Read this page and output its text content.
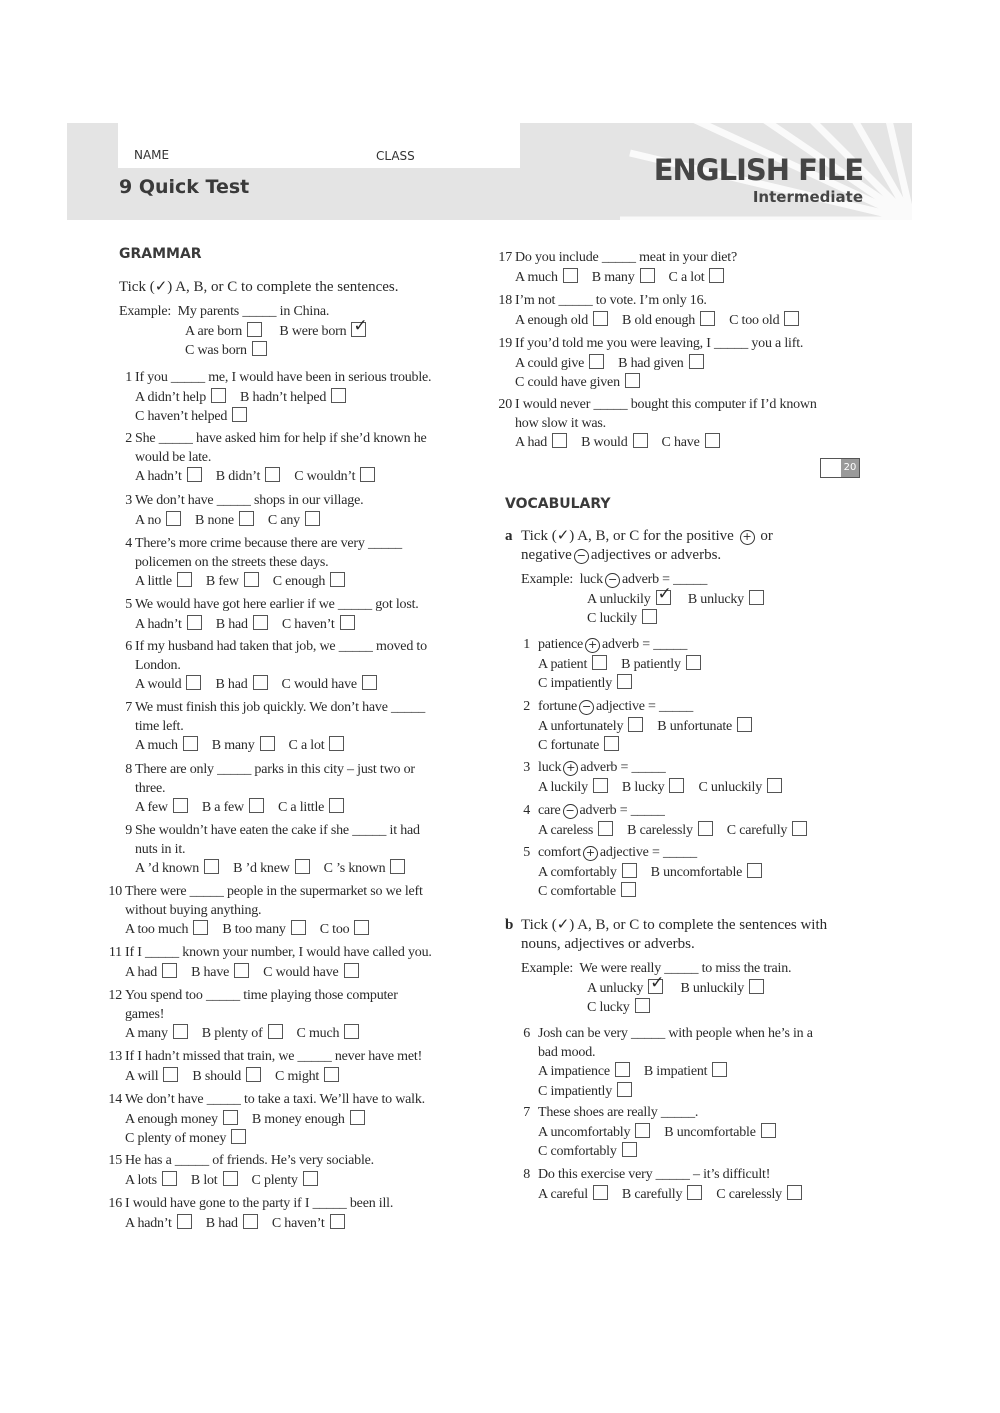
NAME	CLASS
9 Quick Test	ENGLISH FILE
Intermediate
GRAMMAR
Tick (✓) A, B, or C to complete the sentences.
Example: My parents _____ in China.
A are born	B were born ✓
C was born
1 If you _____ me, I would have been in serious trouble.
A didn’t help B hadn’t helped
C haven’t helped
2 She _____ have asked him for help if she’d known he
would be late.
A hadn’t B didn’t C wouldn’t
3 We don’t have _____ shops in our village.
A no B none C any
4 There’s more crime because there are very _____
policemen on the streets these days.
A little B few C enough
5 We would have got here earlier if we _____ got lost.
A hadn’t B had C haven’t
6 If my husband had taken that job, we _____ moved to
London.
A would B had C would have
7 We must finish this job quickly. We don’t have _____
time left.
A much B many C a lot
8 There are only _____ parks in this city – just two or
three.
A few B a few C a little
9 She wouldn’t have eaten the cake if she _____ it had
nuts in it.
A ’d known B ’d knew C ’s known
10 There were _____ people in the supermarket so we left
without buying anything.
A too much B too many C too
11 If I _____ known your number, I would have called you.
A had B have C would have
12 You spend too _____ time playing those computer
games!
A many B plenty of C much
13 If I hadn’t missed that train, we _____ never have met!
A will B should C might
14 We don’t have _____ to take a taxi. We’ll have to walk.
A enough money B money enough
C plenty of money
15 He has a _____ of friends. He’s very sociable.
A lots B lot C plenty
16 I would have gone to the party if I _____ been ill.
A hadn’t B had C haven’t
17 Do you include _____ meat in your diet?
A much B many C a lot
18 I’m not _____ to vote. I’m only 16.
A enough old B old enough C too old
19 If you’d told me you were leaving, I _____ you a lift.
A could give B had given
C could have given
20 I would never _____ bought this computer if I’d known
how slow it was.
A had B would C have
20
VOCABULARY
a Tick (✓) A, B, or C for the positive + or
negative − adjectives or adverbs.
Example: luck − adverb = _____
A unluckily ✓ B unlucky
C luckily
1 patience + adverb = _____
A patient B patiently
C impatiently
2 fortune − adjective = _____
A unfortunately B unfortunate
C fortunate
3 luck + adverb = _____
A luckily B lucky C unluckily
4 care − adverb = _____
A careless B carelessly C carefully
5 comfort + adjective = _____
A comfortably B uncomfortable
C comfortable
b Tick (✓) A, B, or C to complete the sentences with
nouns, adjectives or adverbs.
Example: We were really _____ to miss the train.
A unlucky ✓ B unluckily
C lucky
6 Josh can be very _____ with people when he’s in a
bad mood.
A impatience B impatient
C impatiently
7 These shoes are really _____.
A uncomfortably B uncomfortable
C comfortably
8 Do this exercise very _____ – it’s difficult!
A careful B carefully C carelessly
